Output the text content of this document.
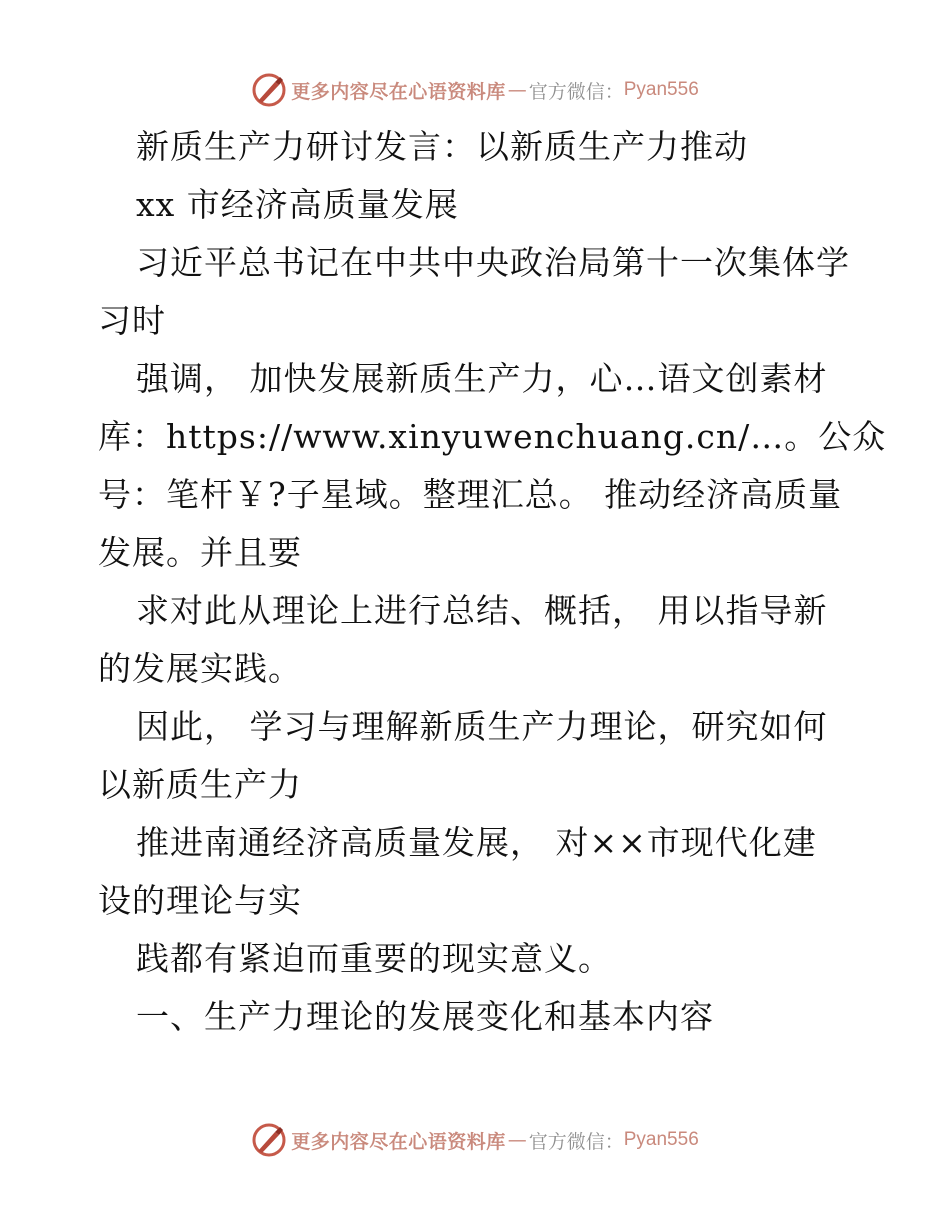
更多内容尽在心语资料库 — 官方微信： Pyan556
新质生产力研讨发言：以新质生产力推动
xx 市经济高质量发展
习近平总书记在中共中央政治局第十一次集体学
习时
强调， 加快发展新质生产力，心…语文创素材
库：https://www.xinyuwenchuang.cn/…。公众
号：笔杆￥?子星域。整理汇总。 推动经济高质量
发展。并且要
求对此从理论上进行总结、概括， 用以指导新
的发展实践。
因此， 学习与理解新质生产力理论，研究如何
以新质生产力
推进南通经济高质量发展， 对××市现代化建
设的理论与实
践都有紧迫而重要的现实意义。
一、生产力理论的发展变化和基本内容
更多内容尽在心语资料库 — 官方微信： Pyan556
